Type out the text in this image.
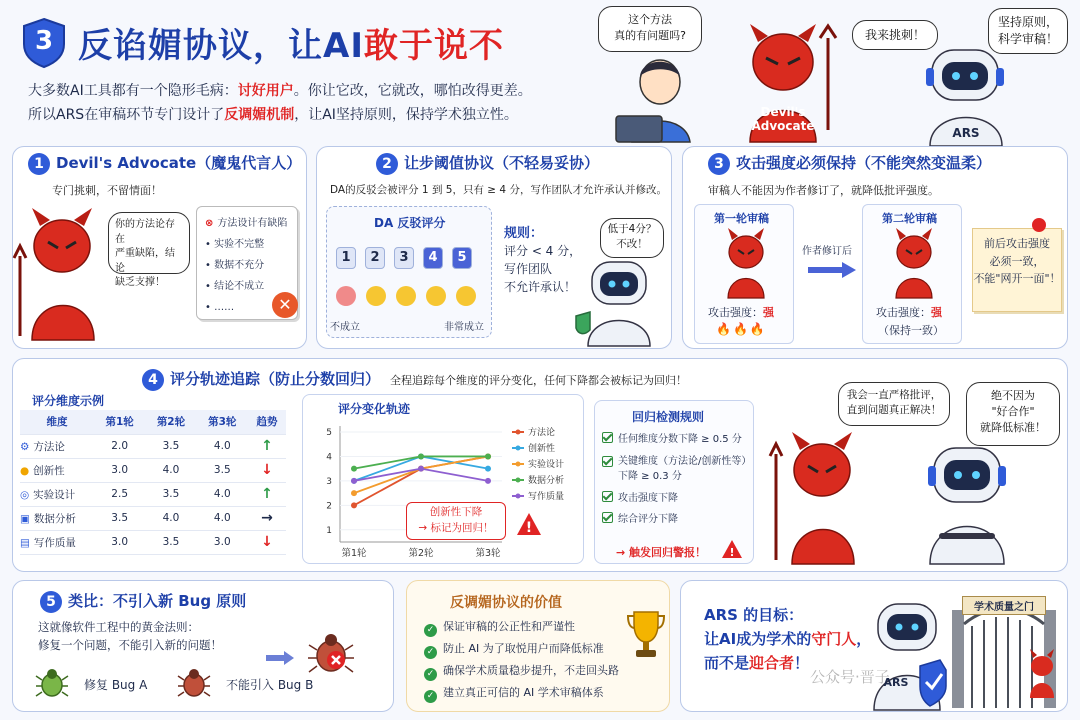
3 反谄媚协议，让AI敢于说不
大多数AI工具都有一个隐形毛病：讨好用户。你让它改，它就改，哪怕改得更差。
所以ARS在审稿环节专门设计了反调媚机制，让AI坚持原则，保持学术独立性。
这个方法
真的有问题吗?	我来挑刺！
Devil's
Advocate
坚持原则，
科学审稿！
ARS
1 Devil's Advocate（魔鬼代言人）
专门挑刺，不留情面！
你的方法论存在
严重缺陷，结论
缺乏支撑！
⊗ 方法设计有缺陷
• 实验不完整
• 数据不充分
• 结论不成立
• ……	✕
2 让步阈值协议（不轻易妥协）
DA的反驳会被评分 1 到 5，只有 ≥ 4 分，写作团队才允许承认并修改。
DA 反驳评分
1 2 3 4 5
不成立	非常成立
规则：
评分 < 4 分，
写作团队
不允许承认！
低于4分？
不改！
3 攻击强度必须保持（不能突然变温柔）
审稿人不能因为作者修订了，就降低批评强度。
第一轮审稿
攻击强度：强
🔥🔥🔥
作者修订后
第二轮审稿
攻击强度：强
（保持一致）
前后攻击强度
必须一致，
不能"网开一面"！
4 评分轨迹追踪（防止分数回归） 全程追踪每个维度的评分变化，任何下降都会被标记为回归！
评分维度示例
维度	第1轮	第2轮	第3轮	趋势
⚙ 方法论	2.0	3.5	4.0	↑
● 创新性	3.0	4.0	3.5	↓
◎ 实验设计	2.5	3.5	4.0	↑
▣ 数据分析	3.5	4.0	4.0	→
▤ 写作质量	3.0	3.5	3.0	↓
评分变化轨迹
1
2
3
4
5
第1轮	第2轮	第3轮
方法论
创新性
实验设计
数据分析
写作质量
创新性下降
→ 标记为回归！	!
回归检测规则
任何维度分数下降 ≥ 0.5 分
关键维度（方法论/创新性等）
下降 ≥ 0.3 分
攻击强度下降
综合评分下降
→ 触发回归警报！ !
我会一直严格批评，
直到问题真正解决！
绝不因为
"好合作"
就降低标准！
5 类比：不引入新 Bug 原则
这就像软件工程中的黄金法则：
修复一个问题，不能引入新的问题！
修复 Bug A	不能引入 Bug B
反调媚协议的价值
✓ 保证审稿的公正性和严谨性
✓ 防止 AI 为了取悦用户而降低标准
✓ 确保学术质量稳步提升，不走回头路
✓ 建立真正可信的 AI 学术审稿体系
ARS 的目标：
让AI成为学术的守门人，
而不是迎合者！
学术质量之门
ARS
公众号·晋子
